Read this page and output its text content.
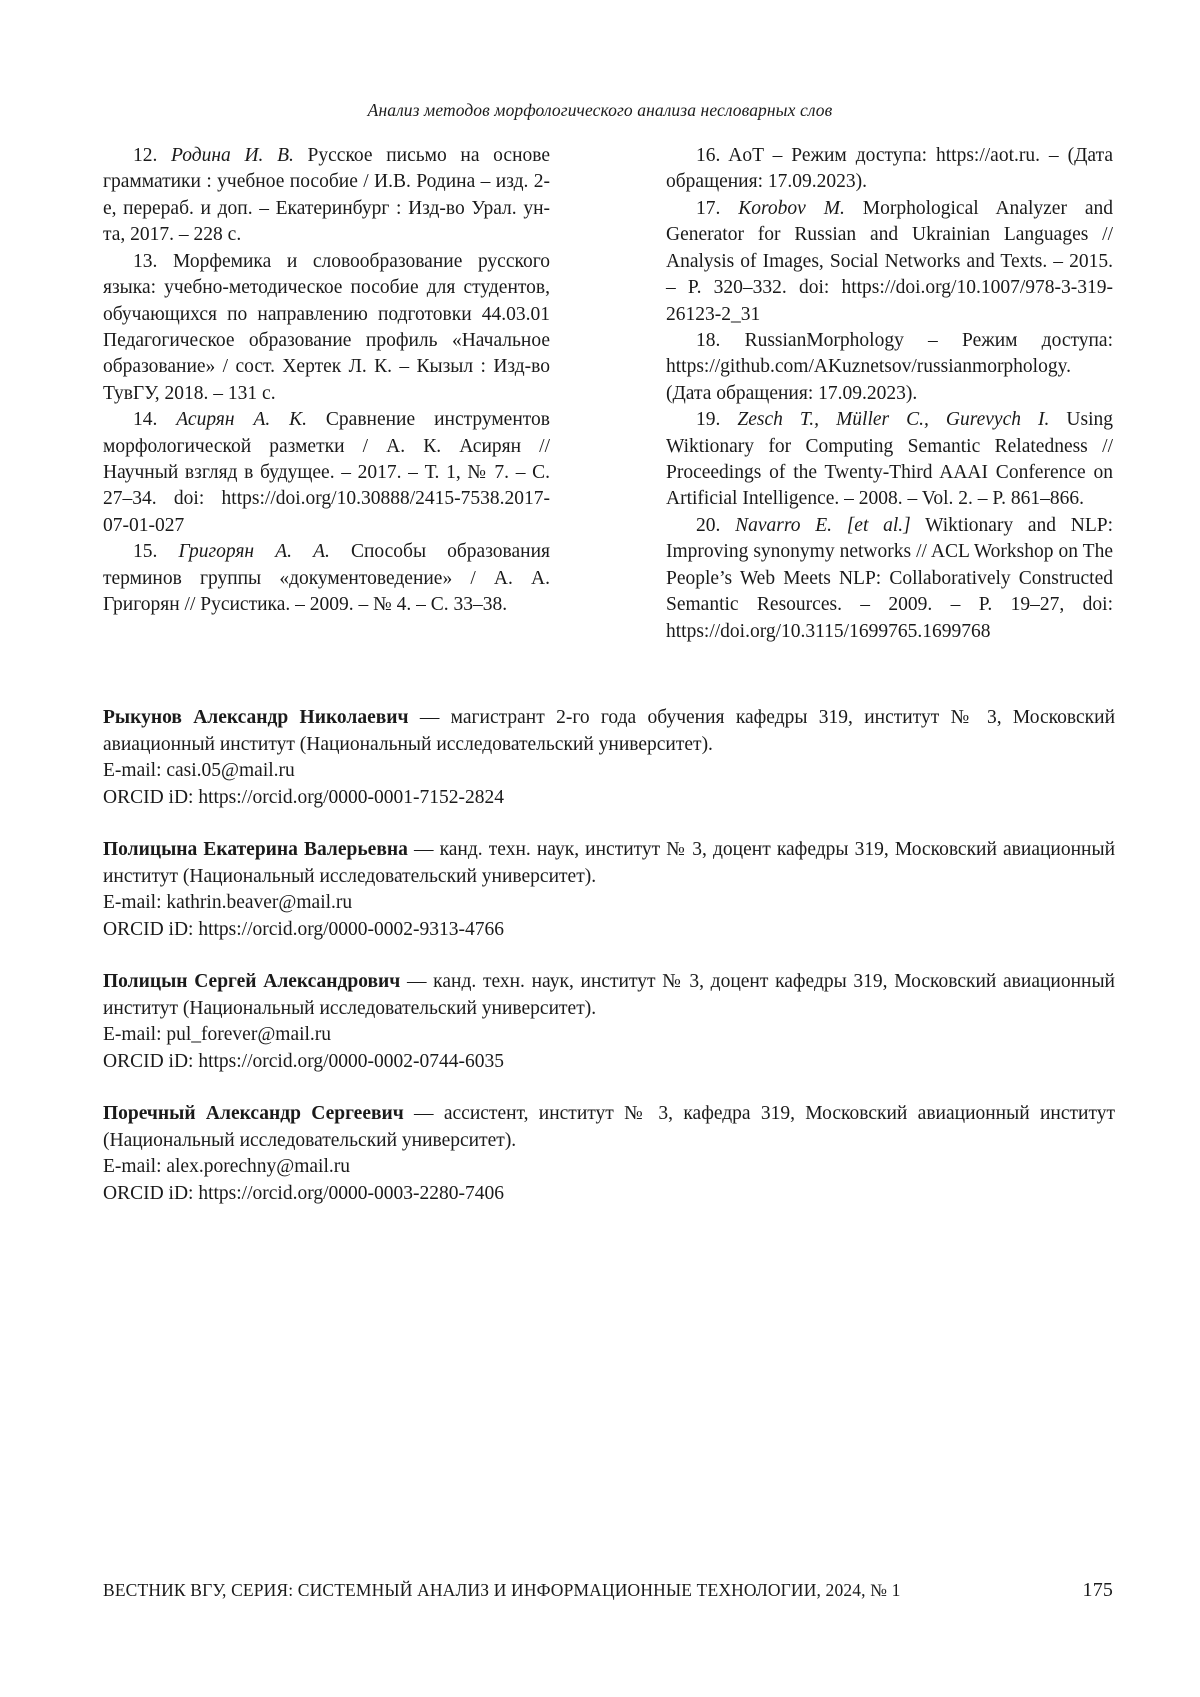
Анализ методов морфологического анализа несловарных слов

12. Родина И. В. Русское письмо на основе грамматики : учебное пособие / И.В. Родина – изд. 2-е, перераб. и доп. – Екатеринбург : Изд-во Урал. ун-та, 2017. – 228 с.

13. Морфемика и словообразование русского языка: учебно-методическое пособие для студентов, обучающихся по направлению подготовки 44.03.01 Педагогическое образование профиль «Начальное образование» / сост. Хертек Л. К. – Кызыл : Изд-во ТувГУ, 2018. – 131 с.

14. Асирян А. К. Сравнение инструментов морфологической разметки / А. К. Асирян // Научный взгляд в будущее. – 2017. – Т. 1, № 7. – С. 27–34. doi: https://doi.org/10.30888/2415-7538.2017-07-01-027

15. Григорян А. А. Способы образования терминов группы «документоведение» / А. А. Григорян // Русистика. – 2009. – № 4. – С. 33–38.

16. AoT – Режим доступа: https://aot.ru. – (Дата обращения: 17.09.2023).

17. Korobov M. Morphological Analyzer and Generator for Russian and Ukrainian Languages // Analysis of Images, Social Networks and Texts. – 2015. – P. 320–332. doi: https://doi.org/10.1007/978-3-319-26123-2_31

18. RussianMorphology – Режим доступа: https://github.com/AKuznetsov/russianmorphology. (Дата обращения: 17.09.2023).

19. Zesch T., Müller C., Gurevych I. Using Wiktionary for Computing Semantic Relatedness // Proceedings of the Twenty-Third AAAI Conference on Artificial Intelligence. – 2008. – Vol. 2. – P. 861–866.

20. Navarro E. [et al.] Wiktionary and NLP: Improving synonymy networks // ACL Workshop on The People’s Web Meets NLP: Collaboratively Constructed Semantic Resources. – 2009. – P. 19–27, doi: https://doi.org/10.3115/1699765.1699768

Рыкунов Александр Николаевич — магистрант 2-го года обучения кафедры 319, институт № 3, Московский авиационный институт (Национальный исследовательский университет).

E-mail: casi.05@mail.ru

ORCID iD: https://orcid.org/0000-0001-7152-2824

Полицына Екатерина Валерьевна — канд. техн. наук, институт № 3, доцент кафедры 319, Московский авиационный институт (Национальный исследовательский университет).

E-mail: kathrin.beaver@mail.ru

ORCID iD: https://orcid.org/0000-0002-9313-4766

Полицын Сергей Александрович — канд. техн. наук, институт № 3, доцент кафедры 319, Московский авиационный институт (Национальный исследовательский университет).

E-mail: pul_forever@mail.ru

ORCID iD: https://orcid.org/0000-0002-0744-6035

Поречный Александр Сергеевич — ассистент, институт № 3, кафедра 319, Московский авиационный институт (Национальный исследовательский университет).

E-mail: alex.porechny@mail.ru

ORCID iD: https://orcid.org/0000-0003-2280-7406

ВЕСТНИК ВГУ, СЕРИЯ: СИСТЕМНЫЙ АНАЛИЗ И ИНФОРМАЦИОННЫЕ ТЕХНОЛОГИИ, 2024, № 1	175
